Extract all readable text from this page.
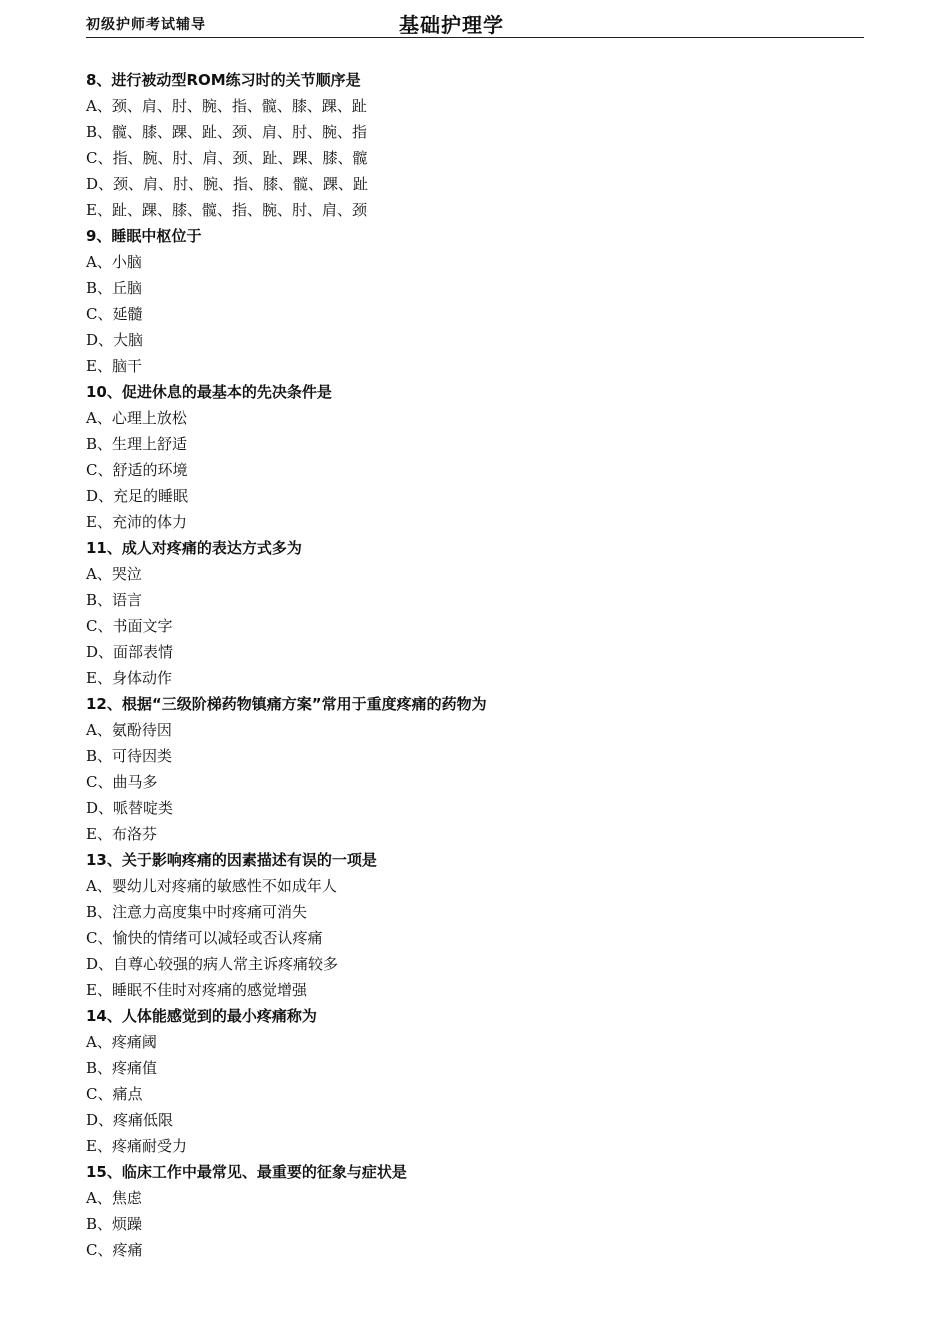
初级护师考试辅导	基础护理学
8、进行被动型ROM练习时的关节顺序是
A、颈、肩、肘、腕、指、髋、膝、踝、趾
B、髋、膝、踝、趾、颈、肩、肘、腕、指
C、指、腕、肘、肩、颈、趾、踝、膝、髋
D、颈、肩、肘、腕、指、膝、髋、踝、趾
E、趾、踝、膝、髋、指、腕、肘、肩、颈
9、睡眠中枢位于
A、小脑
B、丘脑
C、延髓
D、大脑
E、脑干
10、促进休息的最基本的先决条件是
A、心理上放松
B、生理上舒适
C、舒适的环境
D、充足的睡眠
E、充沛的体力
11、成人对疼痛的表达方式多为
A、哭泣
B、语言
C、书面文字
D、面部表情
E、身体动作
12、根据“三级阶梯药物镇痛方案”常用于重度疼痛的药物为
A、氨酚待因
B、可待因类
C、曲马多
D、哌替啶类
E、布洛芬
13、关于影响疼痛的因素描述有误的一项是
A、婴幼儿对疼痛的敏感性不如成年人
B、注意力高度集中时疼痛可消失
C、愉快的情绪可以减轻或否认疼痛
D、自尊心较强的病人常主诉疼痛较多
E、睡眠不佳时对疼痛的感觉增强
14、人体能感觉到的最小疼痛称为
A、疼痛阈
B、疼痛值
C、痛点
D、疼痛低限
E、疼痛耐受力
15、临床工作中最常见、最重要的征象与症状是
A、焦虑
B、烦躁
C、疼痛
